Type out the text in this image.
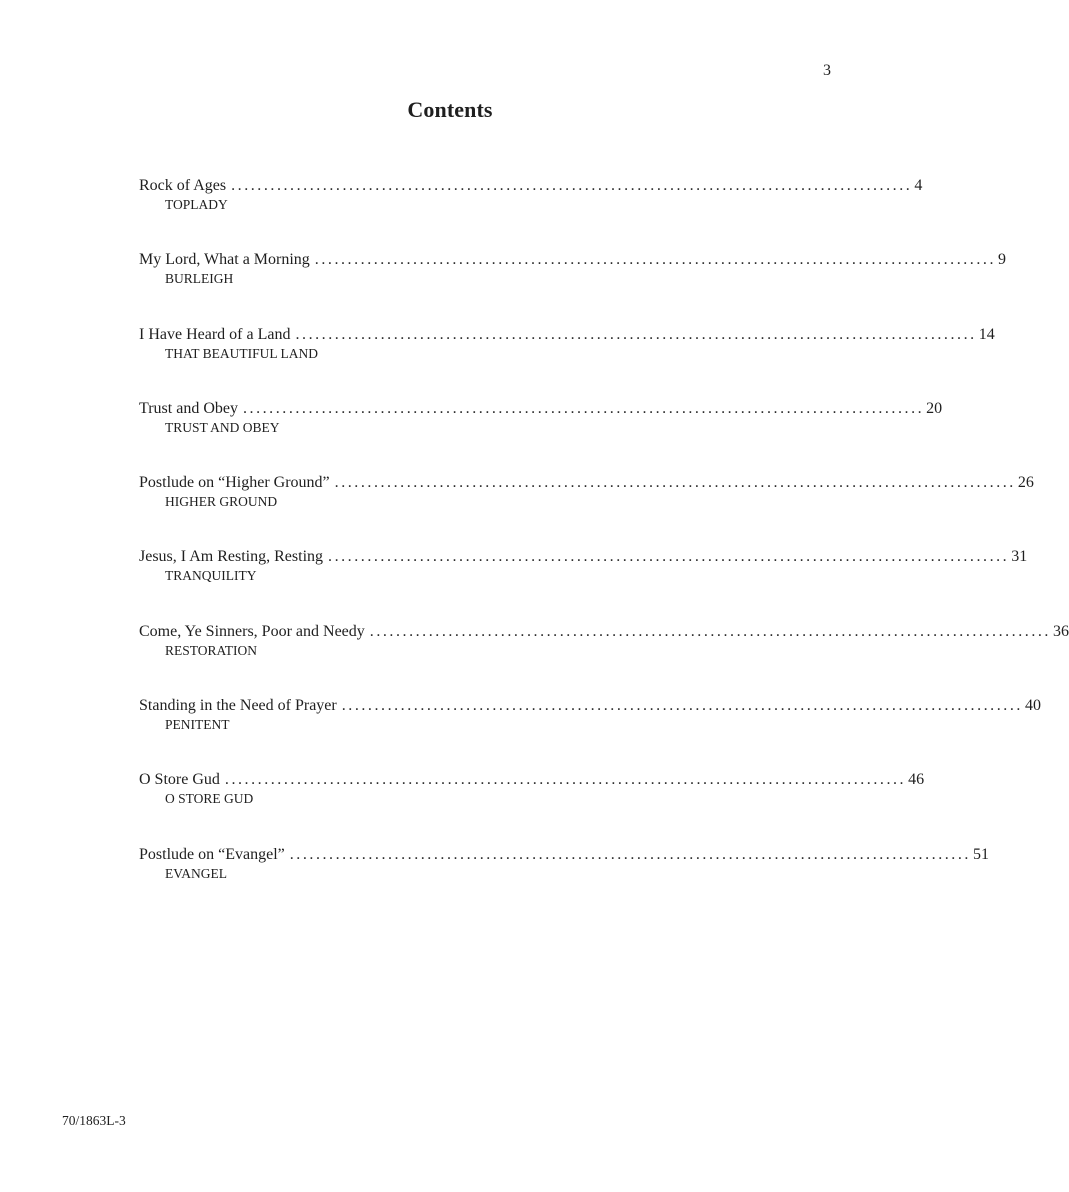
3
Contents
Rock of Ages ........................................................................................................ 4
TOPLADY
My Lord, What a Morning ........................................................................................................ 9
BURLEIGH
I Have Heard of a Land ........................................................................................................ 14
THAT BEAUTIFUL LAND
Trust and Obey ........................................................................................................ 20
TRUST AND OBEY
Postlude on “Higher Ground” ........................................................................................................ 26
HIGHER GROUND
Jesus, I Am Resting, Resting ........................................................................................................ 31
TRANQUILITY
Come, Ye Sinners, Poor and Needy ........................................................................................................ 36
RESTORATION
Standing in the Need of Prayer ........................................................................................................ 40
PENITENT
O Store Gud ........................................................................................................ 46
O STORE GUD
Postlude on “Evangel” ........................................................................................................ 51
EVANGEL
70/1863L-3
